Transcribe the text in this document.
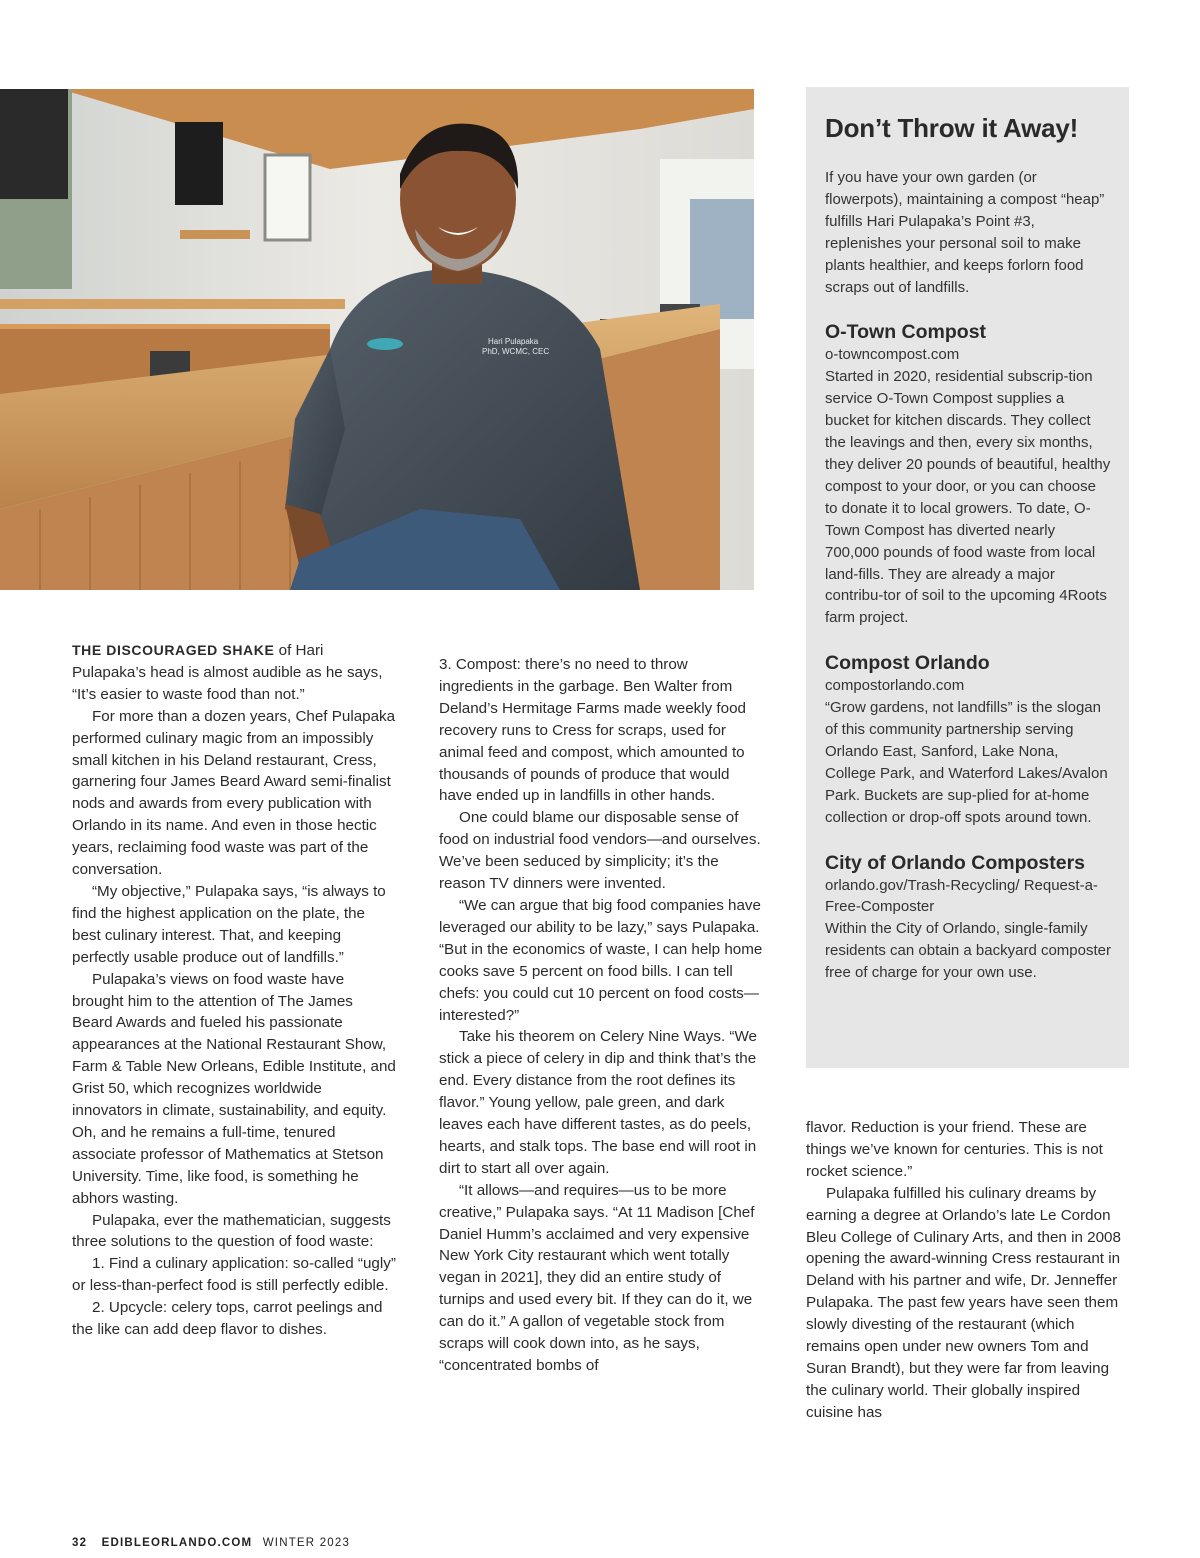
Hari Pulapaka
PhD, WCMC, CEC
Don’t Throw it Away!

If you have your own garden (or flowerpots), maintaining a compost “heap” fulfills Hari Pulapaka’s Point #3, replenishes your personal soil to make plants healthier, and keeps forlorn food scraps out of landfills.

O-Town Compost
o-towncompost.com

Started in 2020, residential subscrip-tion service O-Town Compost supplies a bucket for kitchen discards. They collect the leavings and then, every six months, they deliver 20 pounds of beautiful, healthy compost to your door, or you can choose to donate it to local growers. To date, O-Town Compost has diverted nearly 700,000 pounds of food waste from local land-fills. They are already a major contribu-tor of soil to the upcoming 4Roots farm project.

Compost Orlando
compostorlando.com

“Grow gardens, not landfills” is the slogan of this community partnership serving Orlando East, Sanford, Lake Nona, College Park, and Waterford Lakes/Avalon Park. Buckets are sup-plied for at-home collection or drop-off spots around town.

City of Orlando Composters
orlando.gov/Trash-Recycling/ Request-a-Free-Composter

Within the City of Orlando, single-family residents can obtain a backyard composter free of charge for your own use.

THE DISCOURAGED SHAKE of Hari Pulapaka’s head is almost audible as he says, “It’s easier to waste food than not.”

For more than a dozen years, Chef Pulapaka performed culinary magic from an impossibly small kitchen in his Deland restaurant, Cress, garnering four James Beard Award semi-finalist nods and awards from every publication with Orlando in its name. And even in those hectic years, reclaiming food waste was part of the conversation.

“My objective,” Pulapaka says, “is always to find the highest application on the plate, the best culinary interest. That, and keeping perfectly usable produce out of landfills.”

Pulapaka’s views on food waste have brought him to the attention of The James Beard Awards and fueled his passionate appearances at the National Restaurant Show, Farm & Table New Orleans, Edible Institute, and Grist 50, which recognizes worldwide innovators in climate, sustainability, and equity. Oh, and he remains a full-time, tenured associate professor of Mathematics at Stetson University. Time, like food, is something he abhors wasting.

Pulapaka, ever the mathematician, suggests three solutions to the question of food waste:

1. Find a culinary application: so-called “ugly” or less-than-perfect food is still perfectly edible.

2. Upcycle: celery tops, carrot peelings and the like can add deep flavor to dishes.

3. Compost: there’s no need to throw ingredients in the garbage. Ben Walter from Deland’s Hermitage Farms made weekly food recovery runs to Cress for scraps, used for animal feed and compost, which amounted to thousands of pounds of produce that would have ended up in landfills in other hands.

One could blame our disposable sense of food on industrial food vendors—and ourselves. We’ve been seduced by simplicity; it’s the reason TV dinners were invented.

“We can argue that big food companies have leveraged our ability to be lazy,” says Pulapaka. “But in the economics of waste, I can help home cooks save 5 percent on food bills. I can tell chefs: you could cut 10 percent on food costs—interested?”

Take his theorem on Celery Nine Ways. “We stick a piece of celery in dip and think that’s the end. Every distance from the root defines its flavor.” Young yellow, pale green, and dark leaves each have different tastes, as do peels, hearts, and stalk tops. The base end will root in dirt to start all over again.

“It allows—and requires—us to be more creative,” Pulapaka says. “At 11 Madison [Chef Daniel Humm’s acclaimed and very expensive New York City restaurant which went totally vegan in 2021], they did an entire study of turnips and used every bit. If they can do it, we can do it.” A gallon of vegetable stock from scraps will cook down into, as he says, “concentrated bombs of

flavor. Reduction is your friend. These are things we’ve known for centuries. This is not rocket science.”

Pulapaka fulfilled his culinary dreams by earning a degree at Orlando’s late Le Cordon Bleu College of Culinary Arts, and then in 2008 opening the award-winning Cress restaurant in Deland with his partner and wife, Dr. Jenneffer Pulapaka. The past few years have seen them slowly divesting of the restaurant (which remains open under new owners Tom and Suran Brandt), but they were far from leaving the culinary world. Their globally inspired cuisine has

32 EDIBLEORLANDO.COM WINTER 2023
